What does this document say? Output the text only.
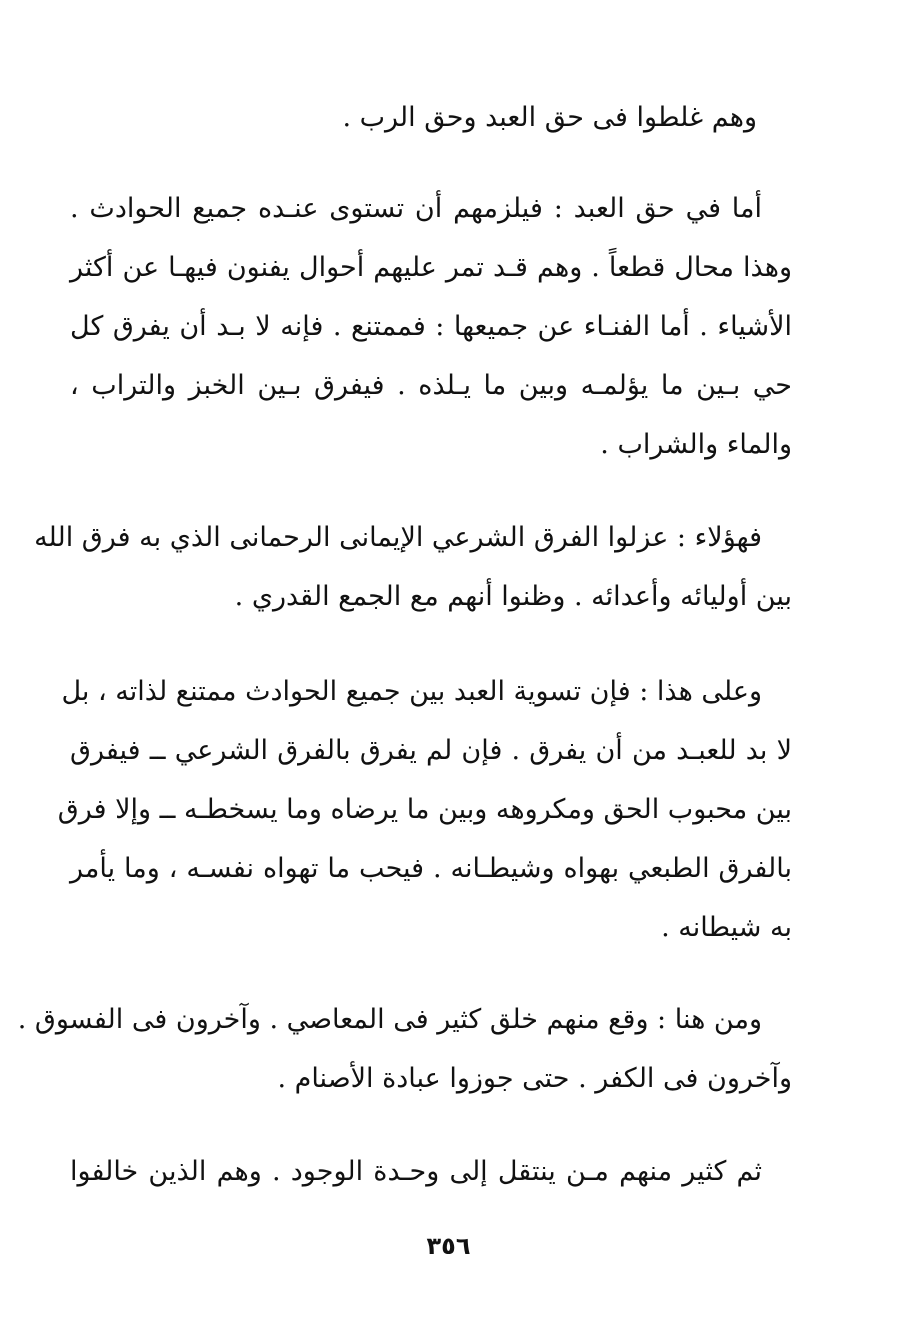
وهم غلطوا فى حق العبد وحق الرب .

أما في حق العبد : فيلزمهم أن تستوى عنـده جميع الحوادث .
وهذا محال قطعاً . وهم قـد تمر عليهم أحوال يفنون فيهـا عن أكثر
الأشياء . أما الفنـاء عن جميعها : فممتنع . فإنه لا بـد أن يفرق كل
حي بـين ما يؤلمـه وبين ما يـلذه . فيفرق بـين الخبز والتراب ،
والماء والشراب .

فهؤلاء : عزلوا الفرق الشرعي الإيمانى الرحمانى الذي به فرق الله
بين أوليائه وأعدائه . وظنوا أنهم مع الجمع القدري .

وعلى هذا : فإن تسوية العبد بين جميع الحوادث ممتنع لذاته ، بل
لا بد للعبـد من أن يفرق . فإن لم يفرق بالفرق الشرعي ــ فيفرق
بين محبوب الحق ومكروهه وبين ما يرضاه وما يسخطـه ــ وإلا فرق
بالفرق الطبعي بهواه وشيطـانه . فيحب ما تهواه نفسـه ، وما يأمر
به شيطانه .

ومن هنا : وقع منهم خلق كثير فى المعاصي . وآخرون فى الفسوق .
وآخرون فى الكفر . حتى جوزوا عبادة الأصنام .

ثم كثير منهم مـن ينتقل إلى وحـدة الوجود . وهم الذين خالفوا

٣٥٦
